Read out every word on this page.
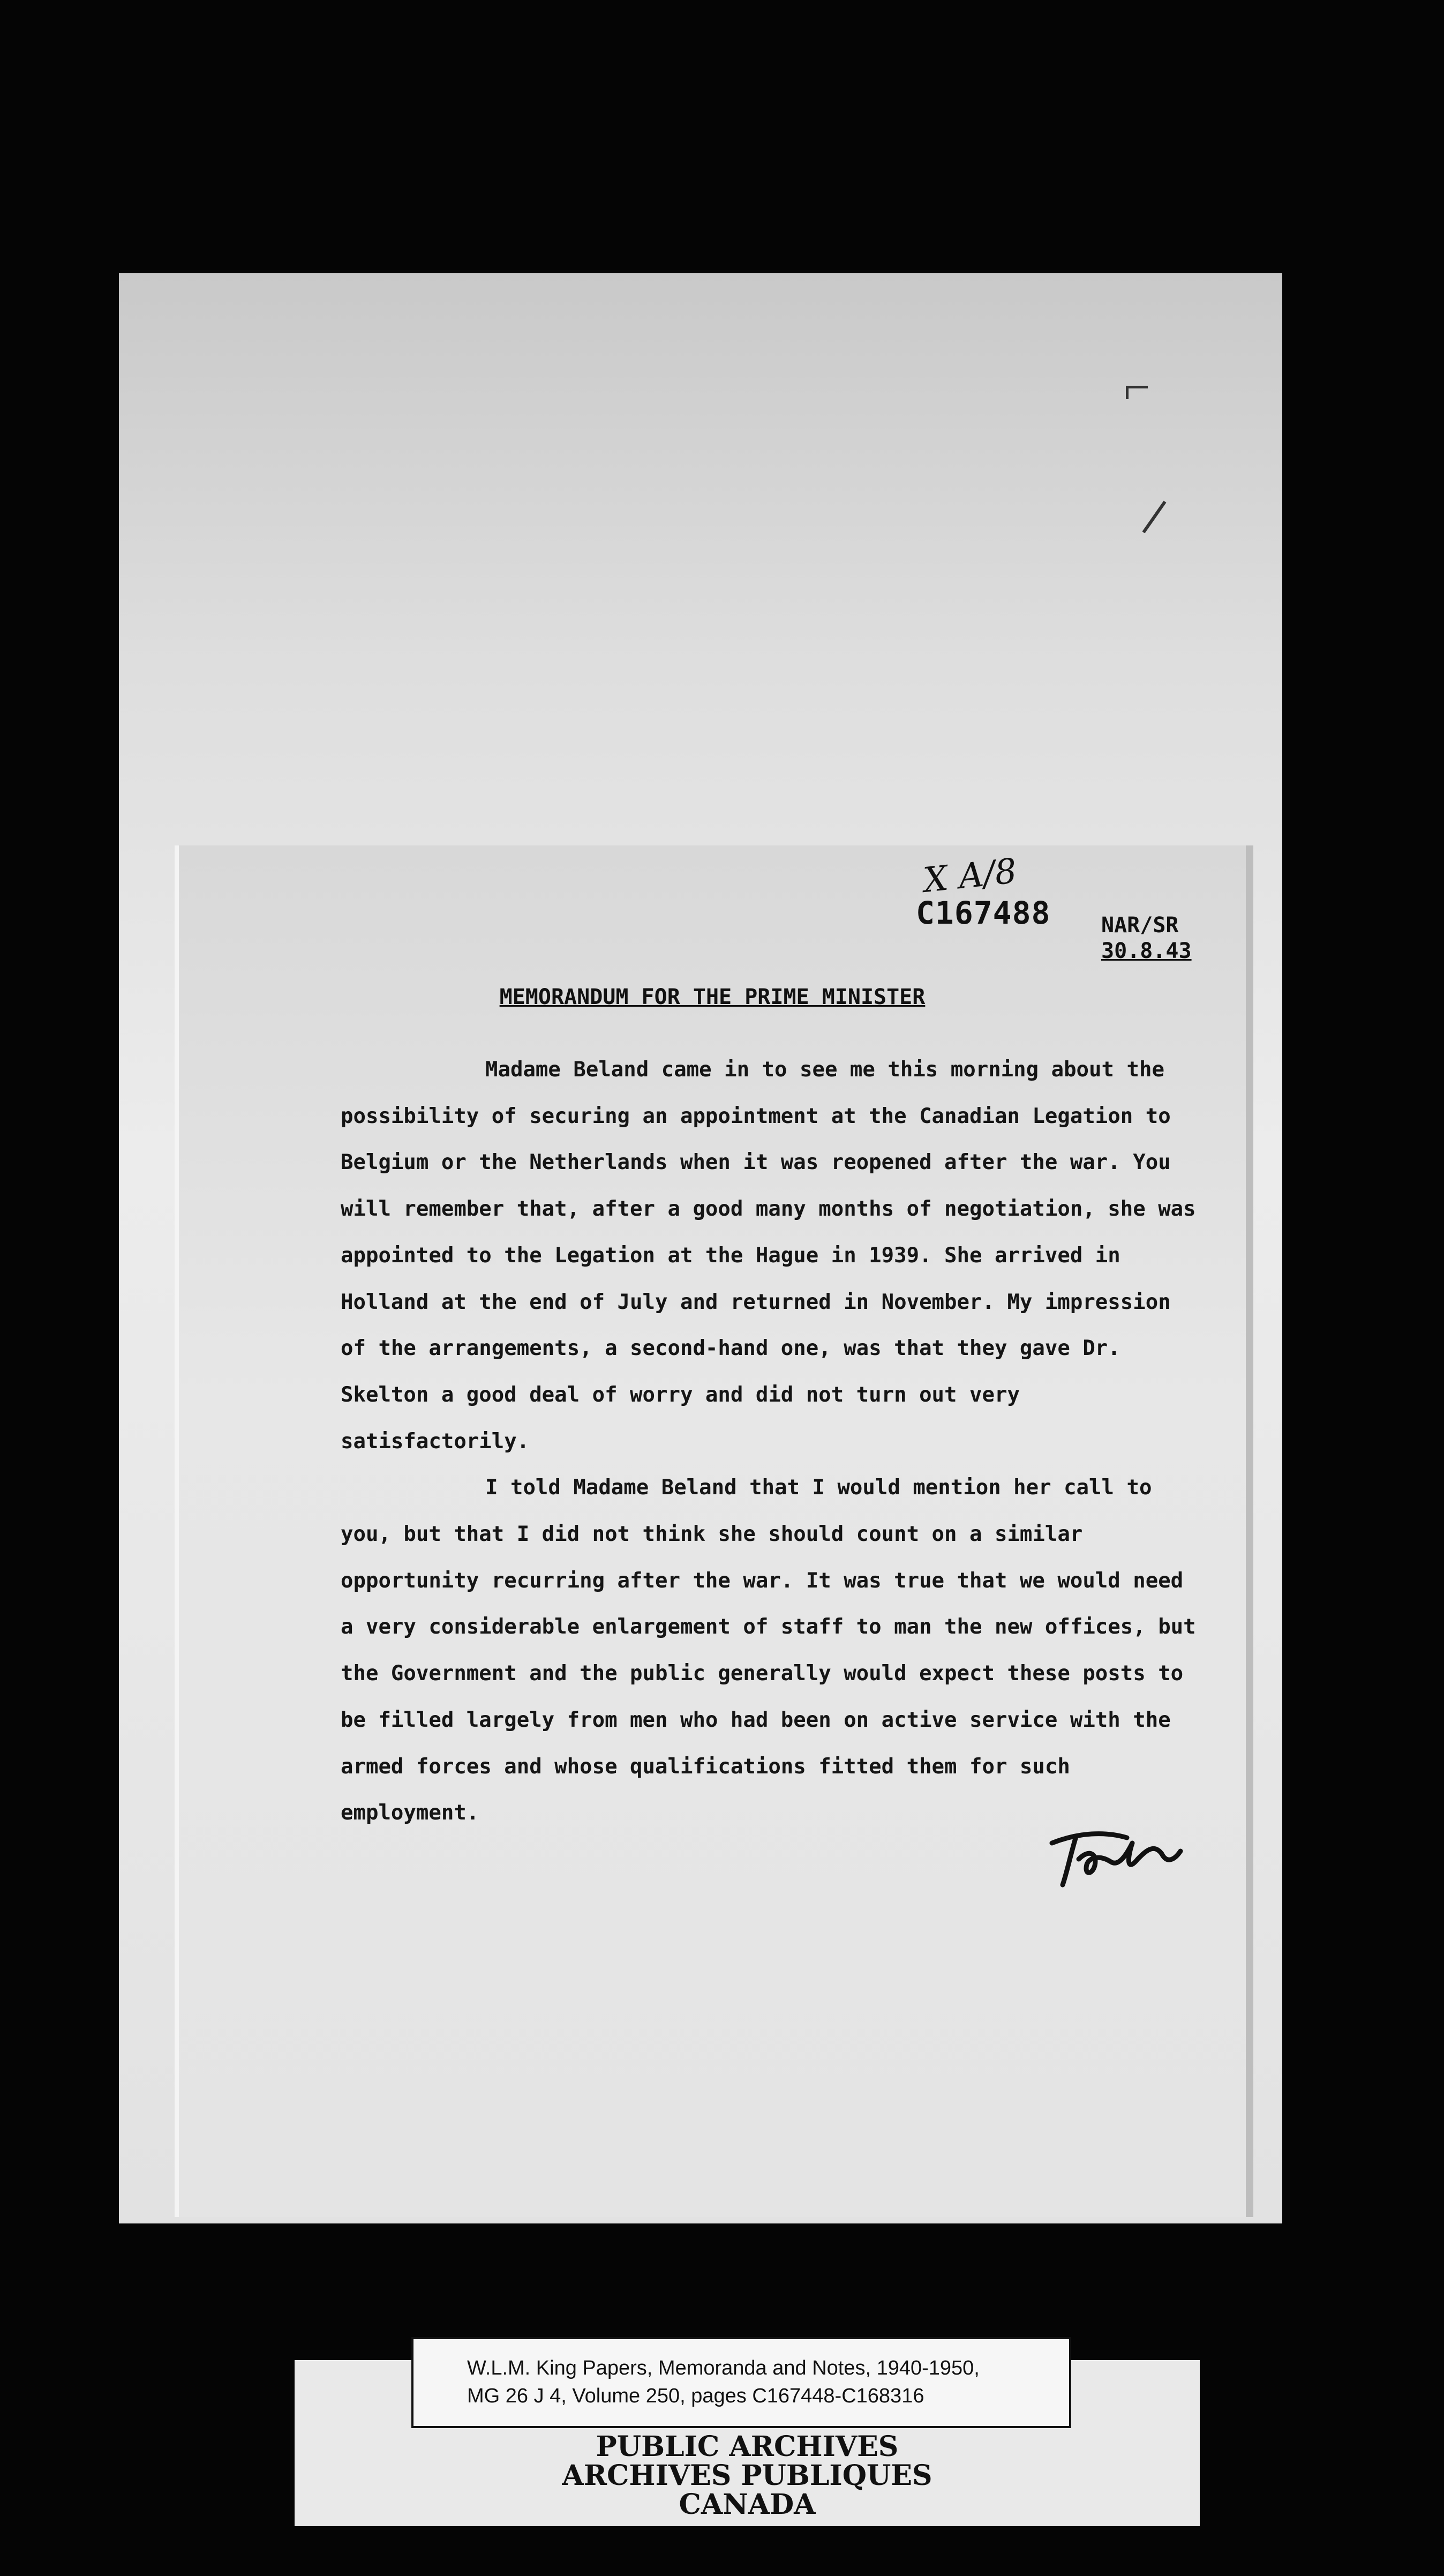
X A/8
C167488 NAR/SR
30.8.43
MEMORANDUM FOR THE PRIME MINISTER

Madame Beland came in to see me this morning about the possibility of securing an appointment at the Canadian Legation to Belgium or the Netherlands when it was reopened after the war. You will remember that, after a good many months of negotiation, she was appointed to the Legation at the Hague in 1939. She arrived in Holland at the end of July and returned in November. My impression of the arrangements, a second-hand one, was that they gave Dr. Skelton a good deal of worry and did not turn out very satisfactorily.

I told Madame Beland that I would mention her call to you, but that I did not think she should count on a similar opportunity recurring after the war. It was true that we would need a very considerable enlargement of staff to man the new offices, but the Government and the public generally would expect these posts to be filled largely from men who had been on active service with the armed forces and whose qualifications fitted them for such employment.

W.L.M. King Papers, Memoranda and Notes, 1940-1950,
MG 26 J 4, Volume 250, pages C167448-C168316
PUBLIC ARCHIVES
ARCHIVES PUBLIQUES
CANADA
